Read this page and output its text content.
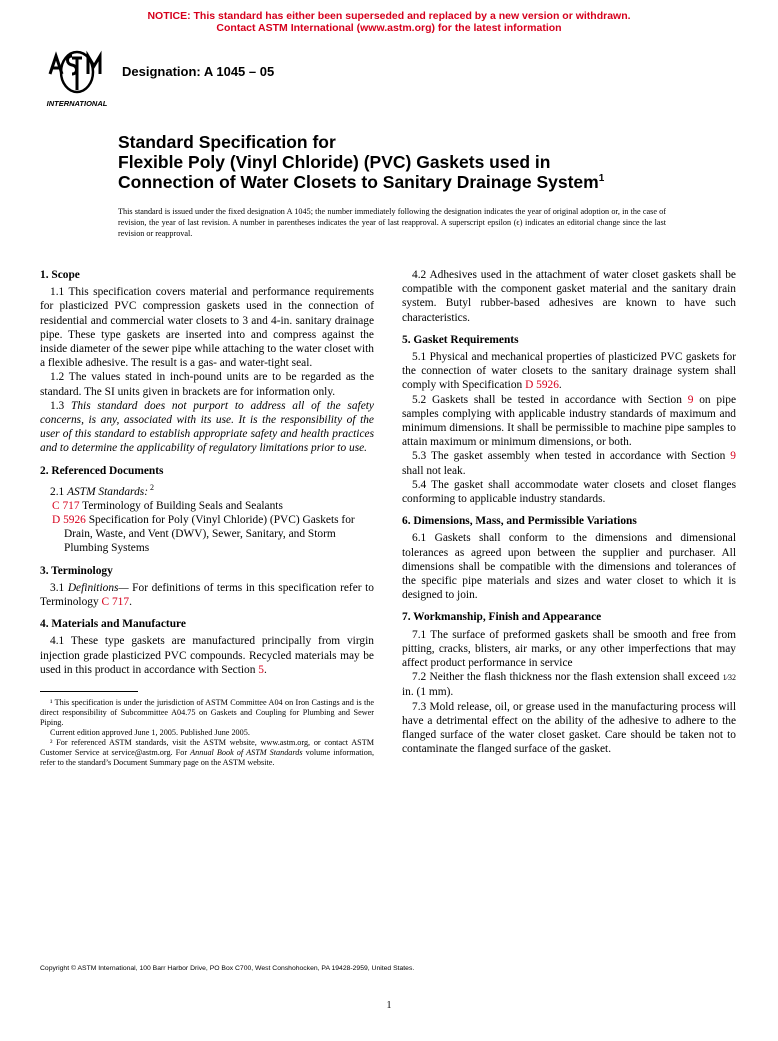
NOTICE: This standard has either been superseded and replaced by a new version or withdrawn.
Contact ASTM International (www.astm.org) for the latest information
INTERNATIONAL
Designation: A 1045 – 05
Standard Specification for
Flexible Poly (Vinyl Chloride) (PVC) Gaskets used in
Connection of Water Closets to Sanitary Drainage System$^1$
This standard is issued under the fixed designation A 1045; the number immediately following the designation indicates the year of original adoption or, in the case of revision, the year of last revision. A number in parentheses indicates the year of last reapproval. A superscript epsilon (ϵ) indicates an editorial change since the last revision or reapproval.
1. Scope

1.1 This specification covers material and performance requirements for plasticized PVC compression gaskets used in the connection of residential and commercial water closets to 3 and 4-in. sanitary drainage pipe. These type gaskets are inserted into and compress against the inside diameter of the sewer pipe while attaching to the water closet with a flexible adhesive. The result is a gas- and water-tight seal.

1.2 The values stated in inch-pound units are to be regarded as the standard. The SI units given in brackets are for information only.

1.3 This standard does not purport to address all of the safety concerns, is any, associated with its use. It is the responsibility of the user of this standard to establish appropriate safety and health practices and to determine the applicability of regulatory limitations prior to use.

2. Referenced Documents

2.1 ASTM Standards: $^2$

C 717 Terminology of Building Seals and Sealants
D 5926 Specification for Poly (Vinyl Chloride) (PVC) Gaskets for Drain, Waste, and Vent (DWV), Sewer, Sanitary, and Storm Plumbing Systems
3. Terminology

3.1 Definitions— For definitions of terms in this specification refer to Terminology C 717.

4. Materials and Manufacture

4.1 These type gaskets are manufactured principally from virgin injection grade plasticized PVC compounds. Recycled materials may be used in this product in accordance with Section 5.

¹ This specification is under the jurisdiction of ASTM Committee A04 on Iron Castings and is the direct responsibility of Subcommittee A04.75 on Gaskets and Coupling for Plumbing and Sewer Piping.

Current edition approved June 1, 2005. Published June 2005.

² For referenced ASTM standards, visit the ASTM website, www.astm.org, or contact ASTM Customer Service at service@astm.org. For Annual Book of ASTM Standards volume information, refer to the standard’s Document Summary page on the ASTM website.

4.2 Adhesives used in the attachment of water closet gaskets shall be compatible with the component gasket material and the sanitary drain system. Butyl rubber-based adhesives are known to have such characteristics.

5. Gasket Requirements

5.1 Physical and mechanical properties of plasticized PVC gaskets for the connection of water closets to the sanitary drainage system shall comply with Specification D 5926.

5.2 Gaskets shall be tested in accordance with Section 9 on pipe samples complying with applicable industry standards of maximum and minimum dimensions. It shall be permissible to machine pipe samples to attain maximum or minimum dimensions, or both.

5.3 The gasket assembly when tested in accordance with Section 9 shall not leak.

5.4 The gasket shall accommodate water closets and closet flanges conforming to applicable industry standards.

6. Dimensions, Mass, and Permissible Variations

6.1 Gaskets shall conform to the dimensions and dimensional tolerances as agreed upon between the supplier and purchaser. All dimensions shall be compatible with the dimensions and tolerances of the specific pipe materials and sizes and water closet to which it is designed to join.

7. Workmanship, Finish and Appearance

7.1 The surface of preformed gaskets shall be smooth and free from pitting, cracks, blisters, air marks, or any other imperfections that may affect product performance in service

7.2 Neither the flash thickness nor the flash extension shall exceed 1⁄32 in. (1 mm).

7.3 Mold release, oil, or grease used in the manufacturing process will have a detrimental effect on the ability of the adhesive to adhere to the flanged surface of the water closet gasket. Care should be taken not to contaminate the flanged surface of the gasket.

Copyright © ASTM International, 100 Barr Harbor Drive, PO Box C700, West Conshohocken, PA 19428-2959, United States.
1
